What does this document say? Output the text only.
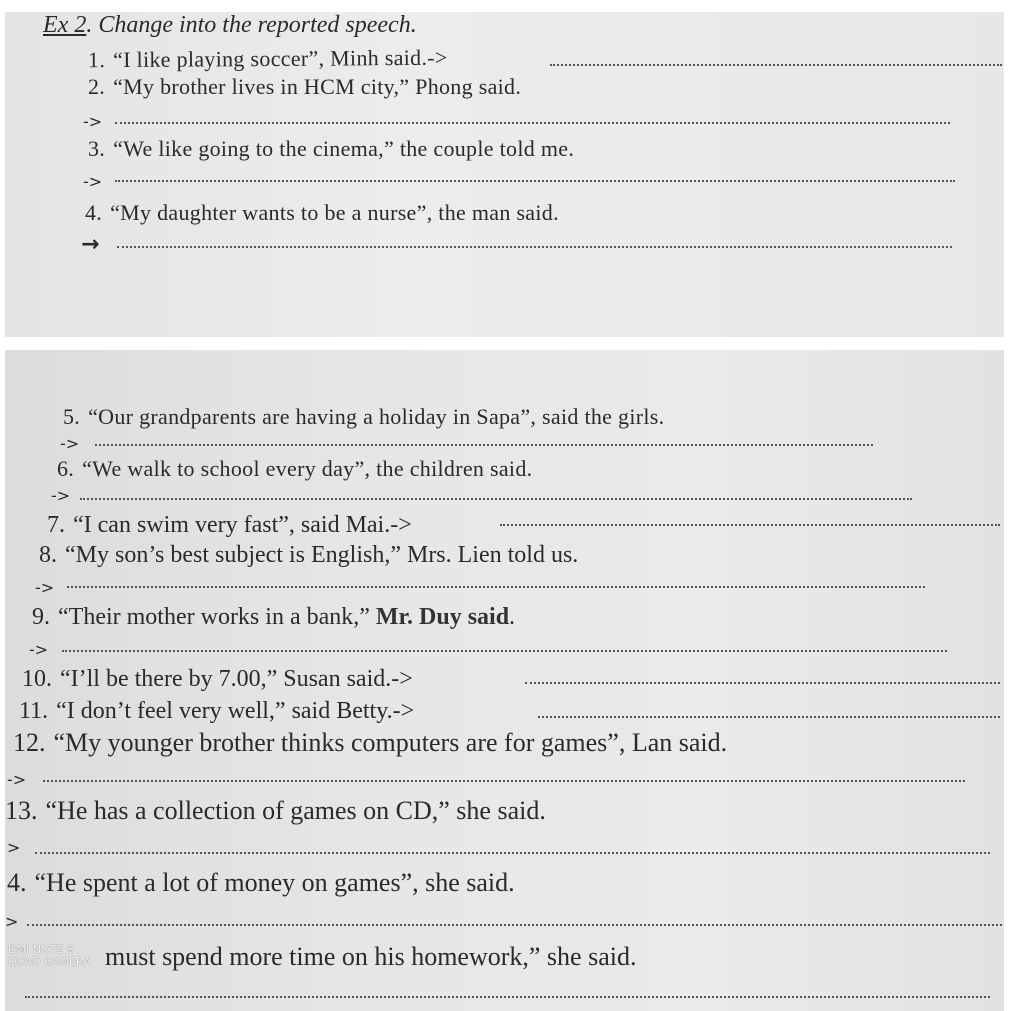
Ex 2. Change into the reported speech.
1. “I like playing soccer”, Minh said.->
2. “My brother lives in HCM city,” Phong said.
->
3. “We like going to the cinema,” the couple told me.
->
4. “My daughter wants to be a nurse”, the man said.
→
5. “Our grandparents are having a holiday in Sapa”, said the girls.
->
6. “We walk to school every day”, the children said.
->
7. “I can swim very fast”, said Mai.->
8. “My son’s best subject is English,” Mrs. Lien told us.
->
9. “Their mother works in a bank,” Mr. Duy said.
->
10. “I’ll be there by 7.00,” Susan said.->
11. “I don’t feel very well,” said Betty.->
12. “My younger brother thinks computers are for games”, Lan said.
->
13. “He has a collection of games on CD,” she said.
>
4. “He spent a lot of money on games”, she said.
>
must spend more time on his homework,” she said.
DMI NOTE 8
QUAD CAMERA
